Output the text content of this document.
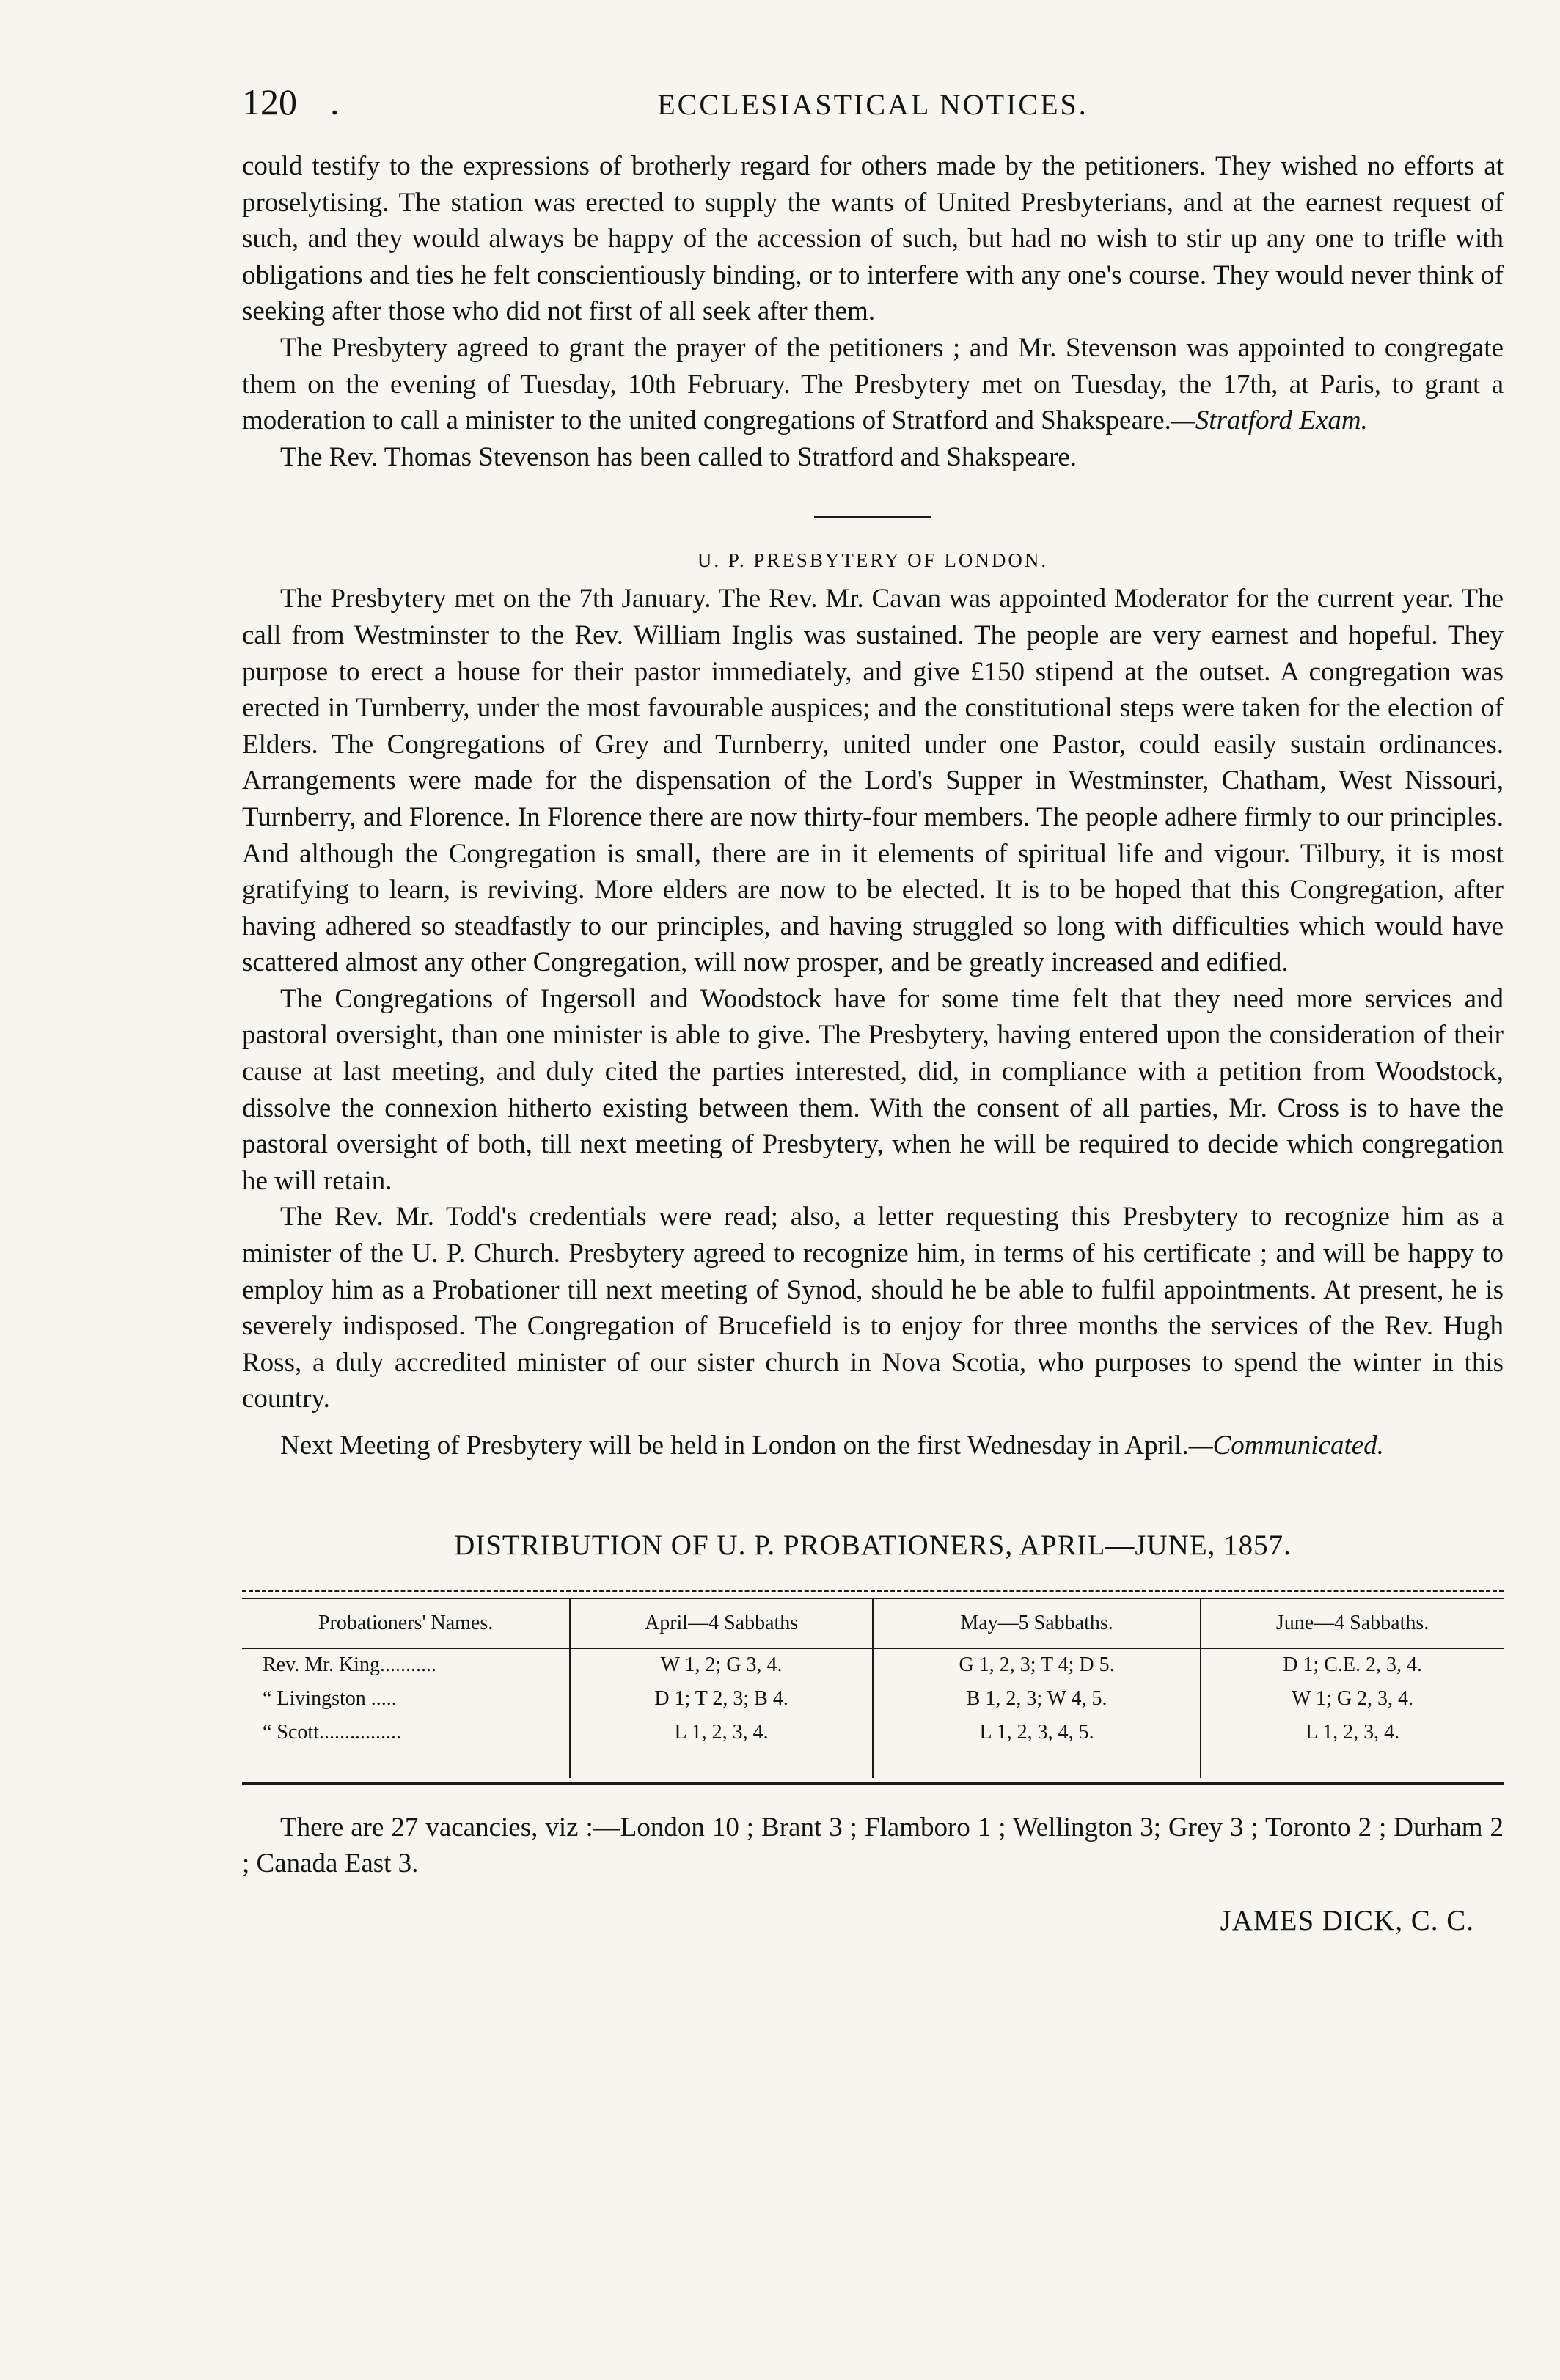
120 .	ECCLESIASTICAL NOTICES.

could testify to the expressions of brotherly regard for others made by the petitioners. They wished no efforts at proselytising. The station was erected to supply the wants of United Presbyterians, and at the earnest request of such, and they would always be happy of the accession of such, but had no wish to stir up any one to trifle with obligations and ties he felt conscientiously binding, or to interfere with any one's course. They would never think of seeking after those who did not first of all seek after them.

The Presbytery agreed to grant the prayer of the petitioners ; and Mr. Stevenson was appointed to congregate them on the evening of Tuesday, 10th February. The Presbytery met on Tuesday, the 17th, at Paris, to grant a moderation to call a minister to the united congregations of Stratford and Shakspeare.—Stratford Exam.

The Rev. Thomas Stevenson has been called to Stratford and Shakspeare.

U. P. PRESBYTERY OF LONDON.

The Presbytery met on the 7th January. The Rev. Mr. Cavan was appointed Moderator for the current year. The call from Westminster to the Rev. William Inglis was sustained. The people are very earnest and hopeful. They purpose to erect a house for their pastor immediately, and give £150 stipend at the outset. A congregation was erected in Turnberry, under the most favourable auspices; and the constitutional steps were taken for the election of Elders. The Congregations of Grey and Turnberry, united under one Pastor, could easily sustain ordinances. Arrangements were made for the dispensation of the Lord's Supper in Westminster, Chatham, West Nissouri, Turnberry, and Florence. In Florence there are now thirty-four members. The people adhere firmly to our principles. And although the Congregation is small, there are in it elements of spiritual life and vigour. Tilbury, it is most gratifying to learn, is reviving. More elders are now to be elected. It is to be hoped that this Congregation, after having adhered so steadfastly to our principles, and having struggled so long with difficulties which would have scattered almost any other Congregation, will now prosper, and be greatly increased and edified.

The Congregations of Ingersoll and Woodstock have for some time felt that they need more services and pastoral oversight, than one minister is able to give. The Presbytery, having entered upon the consideration of their cause at last meeting, and duly cited the parties interested, did, in compliance with a petition from Woodstock, dissolve the connexion hitherto existing between them. With the consent of all parties, Mr. Cross is to have the pastoral oversight of both, till next meeting of Presbytery, when he will be required to decide which congregation he will retain.

The Rev. Mr. Todd's credentials were read; also, a letter requesting this Presbytery to recognize him as a minister of the U. P. Church. Presbytery agreed to recognize him, in terms of his certificate ; and will be happy to employ him as a Probationer till next meeting of Synod, should he be able to fulfil appointments. At present, he is severely indisposed. The Congregation of Brucefield is to enjoy for three months the services of the Rev. Hugh Ross, a duly accredited minister of our sister church in Nova Scotia, who purposes to spend the winter in this country.

Next Meeting of Presbytery will be held in London on the first Wednesday in April.—Communicated.

DISTRIBUTION OF U. P. PROBATIONERS, APRIL—JUNE, 1857.
Probationers' Names.	April—4 Sabbaths	May—5 Sabbaths.	June—4 Sabbaths.
Rev. Mr. King...........	W 1, 2; G 3, 4.	G 1, 2, 3; T 4; D 5.	D 1; C.E. 2, 3, 4.
“ Livingston .....	D 1; T 2, 3; B 4.	B 1, 2, 3; W 4, 5.	W 1; G 2, 3, 4.
“ Scott................	L 1, 2, 3, 4.	L 1, 2, 3, 4, 5.	L 1, 2, 3, 4.

There are 27 vacancies, viz :—London 10 ; Brant 3 ; Flamboro 1 ; Wellington 3; Grey 3 ; Toronto 2 ; Durham 2 ; Canada East 3.

JAMES DICK, C. C.
